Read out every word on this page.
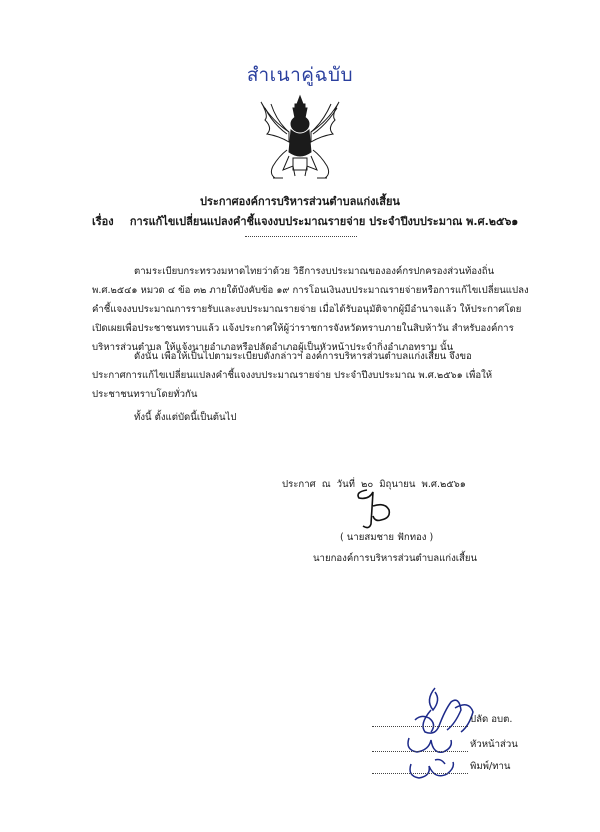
สำเนาคู่ฉบับ
ประกาศองค์การบริหารส่วนตำบลแก่งเสี้ยน
เรื่อง การแก้ไขเปลี่ยนแปลงคำชี้แจงงบประมาณรายจ่าย ประจำปีงบประมาณ พ.ศ.๒๕๖๑
ตามระเบียบกระทรวงมหาดไทยว่าด้วย วิธีการงบประมาณขององค์กรปกครองส่วนท้องถิ่น
พ.ศ.๒๕๔๑ หมวด ๔ ข้อ ๓๒ ภายใต้บังคับข้อ ๑๙ การโอนเงินงบประมาณรายจ่ายหรือการแก้ไขเปลี่ยนแปลง
คำชี้แจงงบประมาณการรายรับและงบประมาณรายจ่าย เมื่อได้รับอนุมัติจากผู้มีอำนาจแล้ว ให้ประกาศโดย
เปิดเผยเพื่อประชาชนทราบแล้ว แจ้งประกาศให้ผู้ว่าราชการจังหวัดทราบภายในสิบห้าวัน สำหรับองค์การ
บริหารส่วนตำบล ให้แจ้งนายอำเภอหรือปลัดอำเภอผู้เป็นหัวหน้าประจำกิ่งอำเภอทราบ นั้น
ดังนั้น เพื่อให้เป็นไปตามระเบียบดังกล่าวฯ องค์การบริหารส่วนตำบลแก่งเสี้ยน จึงขอ
ประกาศการแก้ไขเปลี่ยนแปลงคำชี้แจงงบประมาณรายจ่าย ประจำปีงบประมาณ พ.ศ.๒๕๖๑ เพื่อให้
ประชาชนทราบโดยทั่วกัน
ทั้งนี้ ตั้งแต่บัดนี้เป็นต้นไป
ประกาศ ณ วันที่ ๒๐ มิถุนายน พ.ศ.๒๕๖๑
( นายสมชาย ฟักทอง )
นายกองค์การบริหารส่วนตำบลแก่งเสี้ยน
ปลัด อบต.
หัวหน้าส่วน
พิมพ์/ทาน
